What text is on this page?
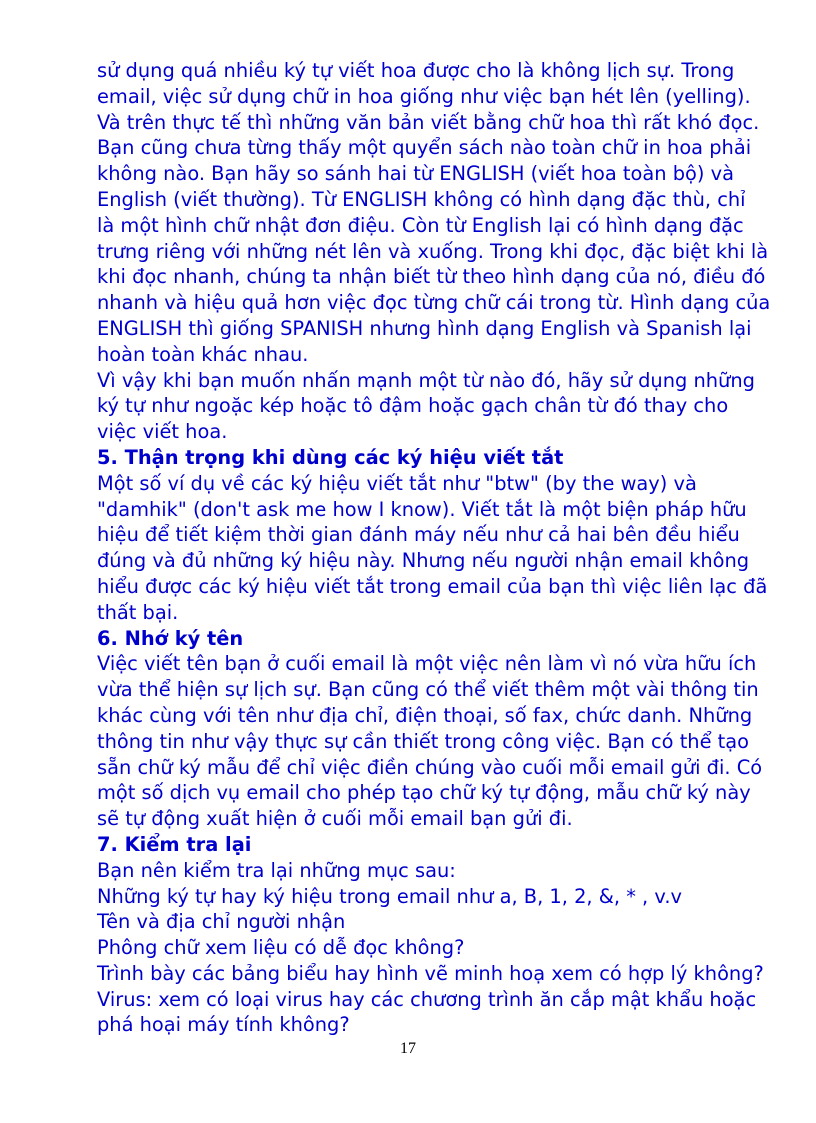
sử dụng quá nhiều ký tự viết hoa được cho là không lịch sự. Trong
email, việc sử dụng chữ in hoa giống như việc bạn hét lên (yelling).
Và trên thực tế thì những văn bản viết bằng chữ hoa thì rất khó đọc.
Bạn cũng chưa từng thấy một quyển sách nào toàn chữ in hoa phải
không nào. Bạn hãy so sánh hai từ ENGLISH (viết hoa toàn bộ) và
English (viết thường). Từ ENGLISH không có hình dạng đặc thù, chỉ
là một hình chữ nhật đơn điệu. Còn từ English lại có hình dạng đặc
trưng riêng với những nét lên và xuống. Trong khi đọc, đặc biệt khi là
khi đọc nhanh, chúng ta nhận biết từ theo hình dạng của nó, điều đó
nhanh và hiệu quả hơn việc đọc từng chữ cái trong từ. Hình dạng của
ENGLISH thì giống SPANISH nhưng hình dạng English và Spanish lại
hoàn toàn khác nhau.
Vì vậy khi bạn muốn nhấn mạnh một từ nào đó, hãy sử dụng những
ký tự như ngoặc kép hoặc tô đậm hoặc gạch chân từ đó thay cho
việc viết hoa.
5. Thận trọng khi dùng các ký hiệu viết tắt
Một số ví dụ về các ký hiệu viết tắt như "btw" (by the way) và
"damhik" (don't ask me how I know). Viết tắt là một biện pháp hữu
hiệu để tiết kiệm thời gian đánh máy nếu như cả hai bên đều hiểu
đúng và đủ những ký hiệu này. Nhưng nếu người nhận email không
hiểu được các ký hiệu viết tắt trong email của bạn thì việc liên lạc đã
thất bại.
6. Nhớ ký tên
Việc viết tên bạn ở cuối email là một việc nên làm vì nó vừa hữu ích
vừa thể hiện sự lịch sự. Bạn cũng có thể viết thêm một vài thông tin
khác cùng với tên như địa chỉ, điện thoại, số fax, chức danh. Những
thông tin như vậy thực sự cần thiết trong công việc. Bạn có thể tạo
sẵn chữ ký mẫu để chỉ việc điền chúng vào cuối mỗi email gửi đi. Có
một số dịch vụ email cho phép tạo chữ ký tự động, mẫu chữ ký này
sẽ tự động xuất hiện ở cuối mỗi email bạn gửi đi.
7. Kiểm tra lại
Bạn nên kiểm tra lại những mục sau:
Những ký tự hay ký hiệu trong email như a, B, 1, 2, &, * , v.v
Tên và địa chỉ người nhận
Phông chữ xem liệu có dễ đọc không?
Trình bày các bảng biểu hay hình vẽ minh hoạ xem có hợp lý không?
Virus: xem có loại virus hay các chương trình ăn cắp mật khẩu hoặc
phá hoại máy tính không?
17
